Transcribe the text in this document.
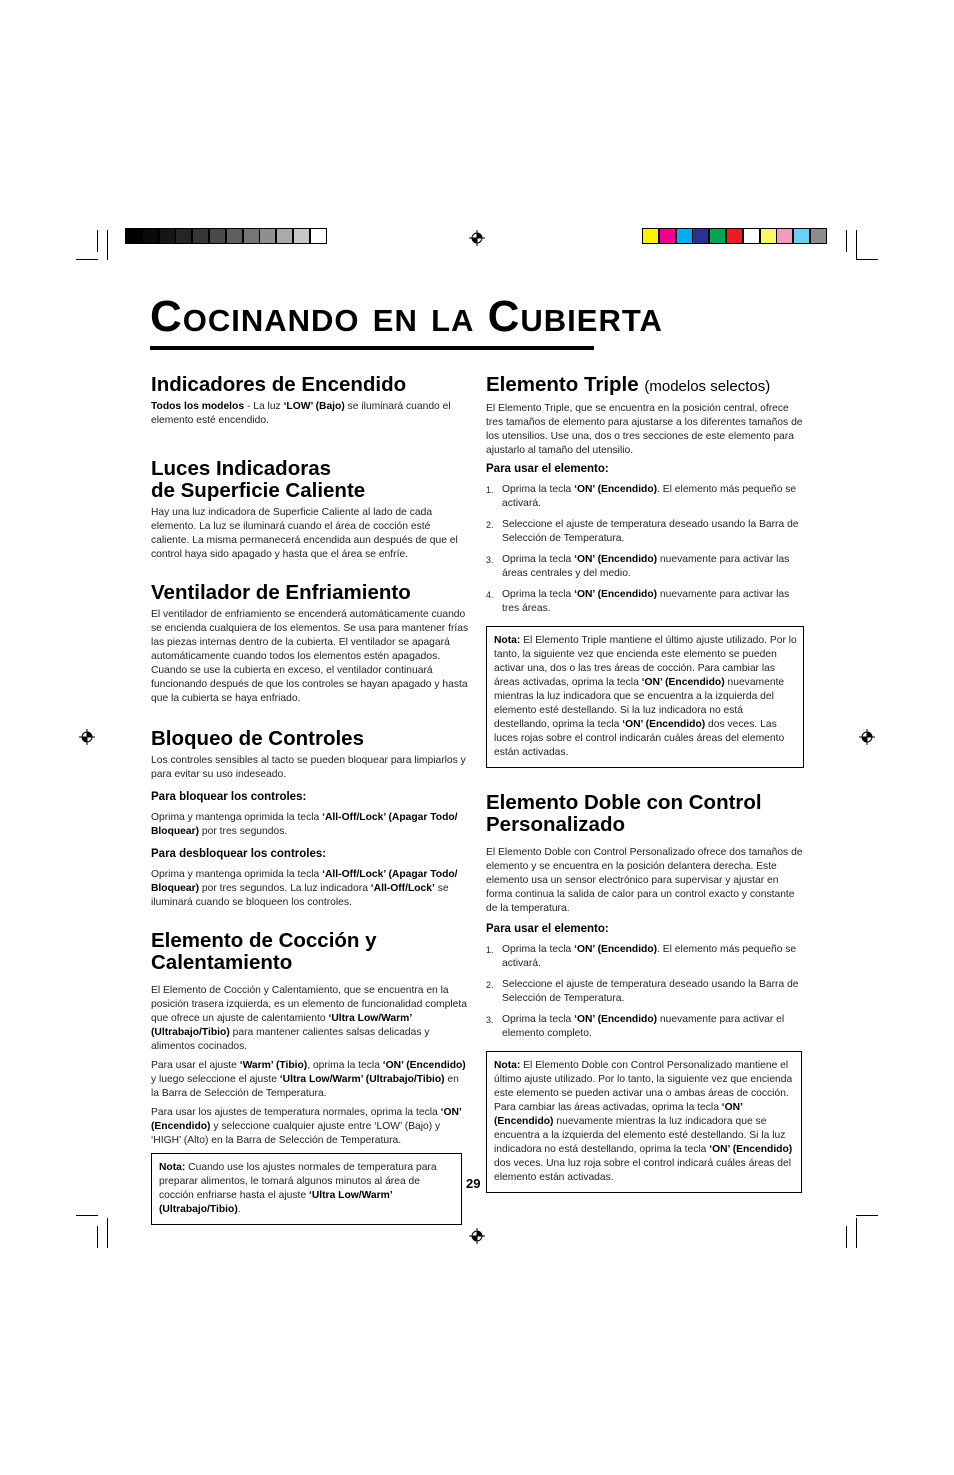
Cocinando en la Cubierta
Indicadores de Encendido

Todos los modelos - La luz ‘LOW’ (Bajo) se iluminará cuando el elemento esté encendido.

Luces Indicadoras
de Superficie Caliente

Hay una luz indicadora de Superficie Caliente al lado de cada elemento. La luz se iluminará cuando el área de cocción esté caliente. La misma permanecerá encendida aun después de que el control haya sido apagado y hasta que el área se enfríe.

Ventilador de Enfriamiento

El ventilador de enfriamiento se encenderá automáticamente cuando se encienda cualquiera de los elementos. Se usa para mantener frías las piezas internas dentro de la cubierta. El ventilador se apagará automáticamente cuando todos los elementos estén apagados. Cuando se use la cubierta en exceso, el ventilador continuará funcionando después de que los controles se hayan apagado y hasta que la cubierta se haya enfriado.

Bloqueo de Controles

Los controles sensibles al tacto se pueden bloquear para limpiarlos y para evitar su uso indeseado.

Para bloquear los controles:

Oprima y mantenga oprimida la tecla ‘All-Off/Lock’ (Apagar Todo/ Bloquear) por tres segundos.

Para desbloquear los controles:

Oprima y mantenga oprimida la tecla ‘All-Off/Lock’ (Apagar Todo/ Bloquear) por tres segundos. La luz indicadora ‘All-Off/Lock’ se iluminará cuando se bloqueen los controles.

Elemento de Cocción y
Calentamiento

El Elemento de Cocción y Calentamiento, que se encuentra en la posición trasera izquierda, es un elemento de funcionalidad completa que ofrece un ajuste de calentamiento ‘Ultra Low/Warm’ (Ultrabajo/Tibio) para mantener calientes salsas delicadas y alimentos cocinados.

Para usar el ajuste ‘Warm’ (Tibio), oprima la tecla ‘ON’ (Encendido) y luego seleccione el ajuste ‘Ultra Low/Warm’ (Ultrabajo/Tibio) en la Barra de Selección de Temperatura.

Para usar los ajustes de temperatura normales, oprima la tecla ‘ON’ (Encendido) y seleccione cualquier ajuste entre ‘LOW’ (Bajo) y ‘HIGH’ (Alto) en la Barra de Selección de Temperatura.

Nota: Cuando use los ajustes normales de temperatura para preparar alimentos, le tomará algunos minutos al área de cocción enfriarse hasta el ajuste ‘Ultra Low/Warm’ (Ultrabajo/Tibio).
Elemento Triple (modelos selectos)

El Elemento Triple, que se encuentra en la posición central, ofrece tres tamaños de elemento para ajustarse a los diferentes tamaños de los utensilios. Use una, dos o tres secciones de este elemento para ajustarlo al tamaño del utensilio.

Para usar el elemento:
1. Oprima la tecla ‘ON’ (Encendido). El elemento más pequeño se activará.
2. Seleccione el ajuste de temperatura deseado usando la Barra de Selección de Temperatura.
3. Oprima la tecla ‘ON’ (Encendido) nuevamente para activar las áreas centrales y del medio.
4. Oprima la tecla ‘ON’ (Encendido) nuevamente para activar las tres áreas.
Nota: El Elemento Triple mantiene el último ajuste utilizado. Por lo tanto, la siguiente vez que encienda este elemento se pueden activar una, dos o las tres áreas de cocción. Para cambiar las áreas activadas, oprima la tecla ‘ON’ (Encendido) nuevamente mientras la luz indicadora que se encuentra a la izquierda del elemento esté destellando. Si la luz indicadora no está destellando, oprima la tecla ‘ON’ (Encendido) dos veces. Las luces rojas sobre el control indicarán cuáles áreas del elemento están activadas.
Elemento Doble con Control
Personalizado

El Elemento Doble con Control Personalizado ofrece dos tamaños de elemento y se encuentra en la posición delantera derecha. Este elemento usa un sensor electrónico para supervisar y ajustar en forma continua la salida de calor para un control exacto y constante de la temperatura.

Para usar el elemento:
1. Oprima la tecla ‘ON’ (Encendido). El elemento más pequeño se activará.
2. Seleccione el ajuste de temperatura deseado usando la Barra de Selección de Temperatura.
3. Oprima la tecla ‘ON’ (Encendido) nuevamente para activar el elemento completo.
Nota: El Elemento Doble con Control Personalizado mantiene el último ajuste utilizado. Por lo tanto, la siguiente vez que encienda este elemento se pueden activar una o ambas áreas de cocción. Para cambiar las áreas activadas, oprima la tecla ‘ON’ (Encendido) nuevamente mientras la luz indicadora que se encuentra a la izquierda del elemento esté destellando. Si la luz indicadora no está destellando, oprima la tecla ‘ON’ (Encendido) dos veces. Una luz roja sobre el control indicará cuáles áreas del elemento están activadas.
29
